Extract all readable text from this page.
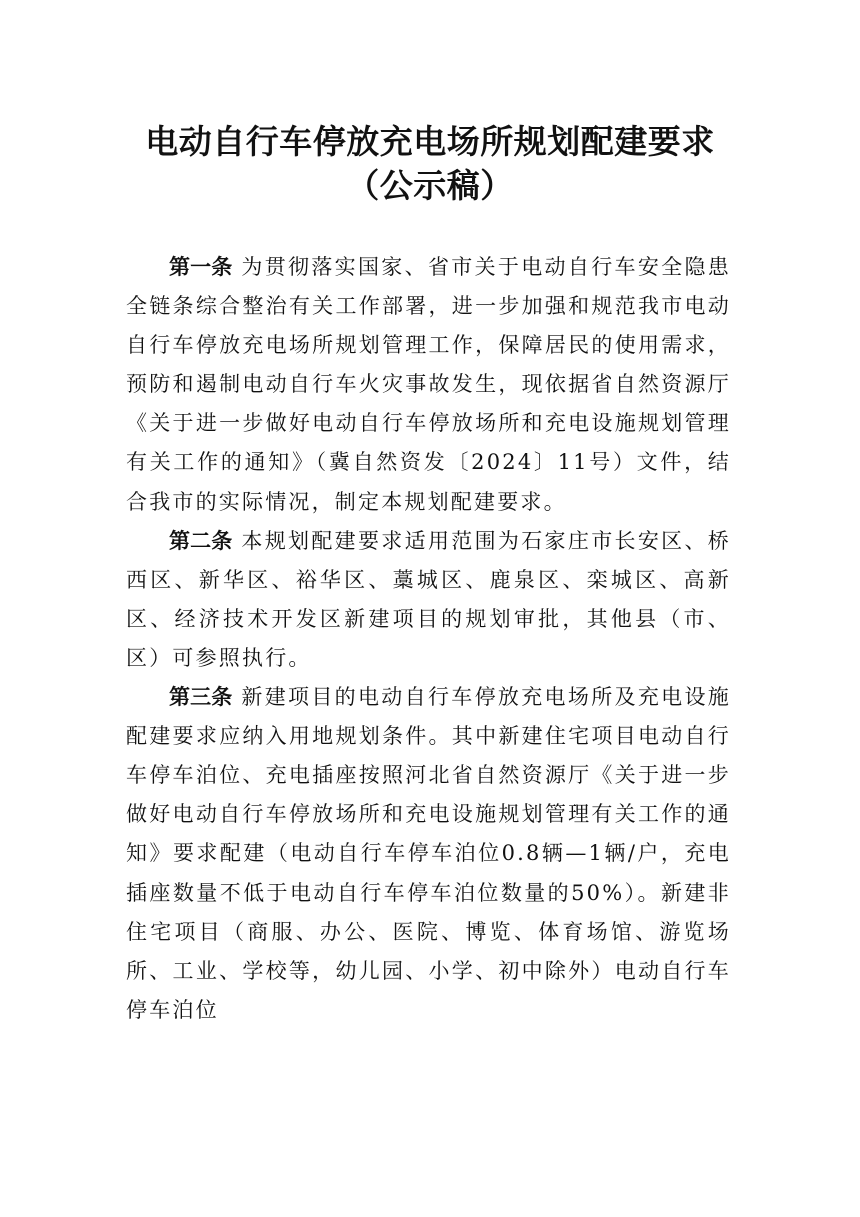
电动自行车停放充电场所规划配建要求
（公示稿）

第一条 为贯彻落实国家、省市关于电动自行车安全隐患全链条综合整治有关工作部署，进一步加强和规范我市电动自行车停放充电场所规划管理工作，保障居民的使用需求，预防和遏制电动自行车火灾事故发生，现依据省自然资源厅《关于进一步做好电动自行车停放场所和充电设施规划管理有关工作的通知》（冀自然资发〔2024〕11号）文件，结合我市的实际情况，制定本规划配建要求。

第二条 本规划配建要求适用范围为石家庄市长安区、桥西区、新华区、裕华区、藁城区、鹿泉区、栾城区、高新区、经济技术开发区新建项目的规划审批，其他县（市、区）可参照执行。

第三条 新建项目的电动自行车停放充电场所及充电设施配建要求应纳入用地规划条件。其中新建住宅项目电动自行车停车泊位、充电插座按照河北省自然资源厅《关于进一步做好电动自行车停放场所和充电设施规划管理有关工作的通知》要求配建（电动自行车停车泊位0.8辆—1辆/户，充电插座数量不低于电动自行车停车泊位数量的50%）。新建非住宅项目（商服、办公、医院、博览、体育场馆、游览场所、工业、学校等，幼儿园、小学、初中除外）电动自行车停车泊位
